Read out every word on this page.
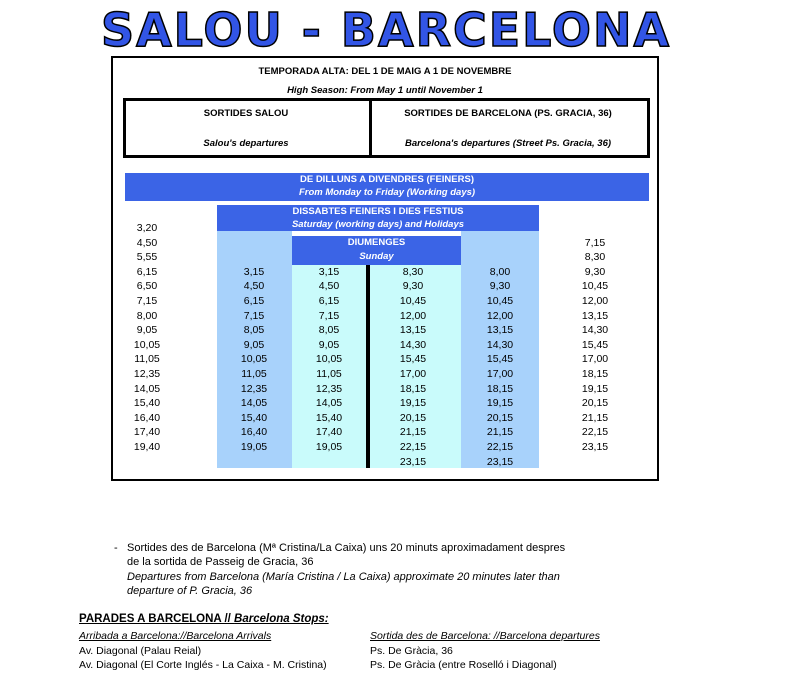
SALOU - BARCELONA
TEMPORADA ALTA: DEL 1 DE MAIG A 1 DE NOVEMBRE
High Season: From May 1 until November 1
SORTIDES SALOU
Salou's departures
SORTIDES DE BARCELONA (PS. GRACIA, 36)
Barcelona's departures (Street Ps. Gracia, 36)
DE DILLUNS A DIVENDRES (FEINERS)
From Monday to Friday (Working days)
DISSABTES FEINERS I DIES FESTIUS
Saturday (working days) and Holidays
DIUMENGES
Sunday
3,20
4,50
5,55
6,15
6,50
7,15
8,00
9,05
10,05
11,05
12,35
14,05
15,40
16,40
17,40
19,40
3,15
4,50
6,15
7,15
8,05
9,05
10,05
11,05
12,35
14,05
15,40
16,40
19,05
3,15
4,50
6,15
7,15
8,05
9,05
10,05
11,05
12,35
14,05
15,40
17,40
19,05
8,30
9,30
10,45
12,00
13,15
14,30
15,45
17,00
18,15
19,15
20,15
21,15
22,15
23,15
8,00
9,30
10,45
12,00
13,15
14,30
15,45
17,00
18,15
19,15
20,15
21,15
22,15
23,15
7,15
8,30
9,30
10,45
12,00
13,15
14,30
15,45
17,00
18,15
19,15
20,15
21,15
22,15
23,15
- Sortides des de Barcelona (Mª Cristina/La Caixa) uns 20 minuts aproximadament despres de la sortida de Passeig de Gracia, 36
Departures from Barcelona (María Cristina / La Caixa) approximate 20 minutes later than departure of P. Gracia, 36
PARADES A BARCELONA // Barcelona Stops:
Arribada a Barcelona://Barcelona Arrivals	Sortida des de Barcelona: //Barcelona departures
Av. Diagonal (Palau Reial)
Av. Diagonal (El Corte Inglés - La Caixa - M. Cristina)
Ps. De Gràcia, 36
Ps. De Gràcia (entre Roselló i Diagonal)
